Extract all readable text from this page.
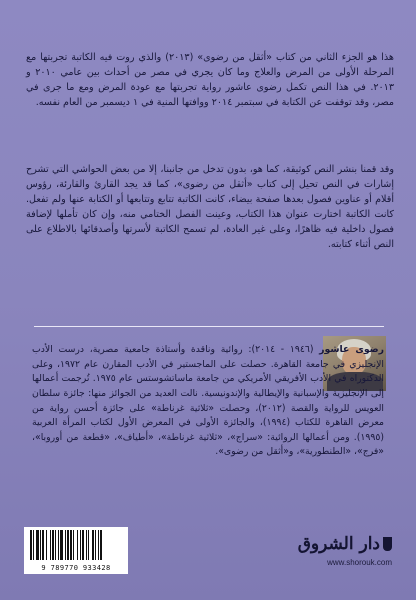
هذا هو الجزء الثاني من كتاب «أثقل من رضوى» (٢٠١٣) والذي روت فيه الكاتبة تجربتها مع المرحلة الأولى من المرض والعلاج وما كان يجري في مصر من أحداث بين عامي ٢٠١٠ و ٢٠١٣. في هذا النص تكمل رضوى عاشور رواية تجربتها مع عودة المرض ومع ما جرى في مصر، وقد توقفت عن الكتابة في سبتمبر ٢٠١٤ ووافتها المنية في ١ ديسمبر من العام نفسه.

وقد قمنا بنشر النص كوثيقة، كما هو، بدون تدخل من جانبنا، إلا من بعض الحواشي التي تشرح إشارات في النص تحيل إلى كتاب «أثقل من رضوى»، كما قد يجد القارئ والقارئة، رؤوس أقلام أو عناوين فصول بعدها صفحة بيضاء، كانت الكاتبة تتابع وتتابعها أو الكتابة عنها ولم تفعل. كانت الكاتبة اختارت عنوان هذا الكتاب، وعينت الفصل الختامي منه، وإن كان تأملها لإضافة فصول داخلية فيه ظاهرًا، وعلى غير العادة، لم تسمح الكاتبة لأسرتها وأصدقائها بالاطلاع على النص أثناء كتابته.

رضوى عاشور (١٩٤٦ - ٢٠١٤): روائية وناقدة وأستاذة جامعية مصرية، درست الأدب الإنجليزي في جامعة القاهرة. حصلت على الماجستير في الأدب المقارن عام ١٩٧٢، وعلى الدكتوراه في الأدب الأفريقي الأمريكي من جامعة ماساتشوستس عام ١٩٧٥. تُرجمت أعمالها إلى الإنجليزية والإسبانية والإيطالية والإندونيسية. نالت العديد من الجوائز منها: جائزة سلطان العويس للرواية والقصة (٢٠١٢)، وحصلت «ثلاثية غرناطة» على جائزة أحسن رواية من معرض القاهرة للكتاب (١٩٩٤)، والجائزة الأولى في المعرض الأول لكتاب المرأة العربية (١٩٩٥). ومن أعمالها الروائية: «سراج»، «ثلاثية غرناطة»، «أطياف»، «قطعة من أوروبا»، «فرج»، «الطنطورية»، و«أثقل من رضوى».

9 789770 933428
دار الشروق
www.shorouk.com
